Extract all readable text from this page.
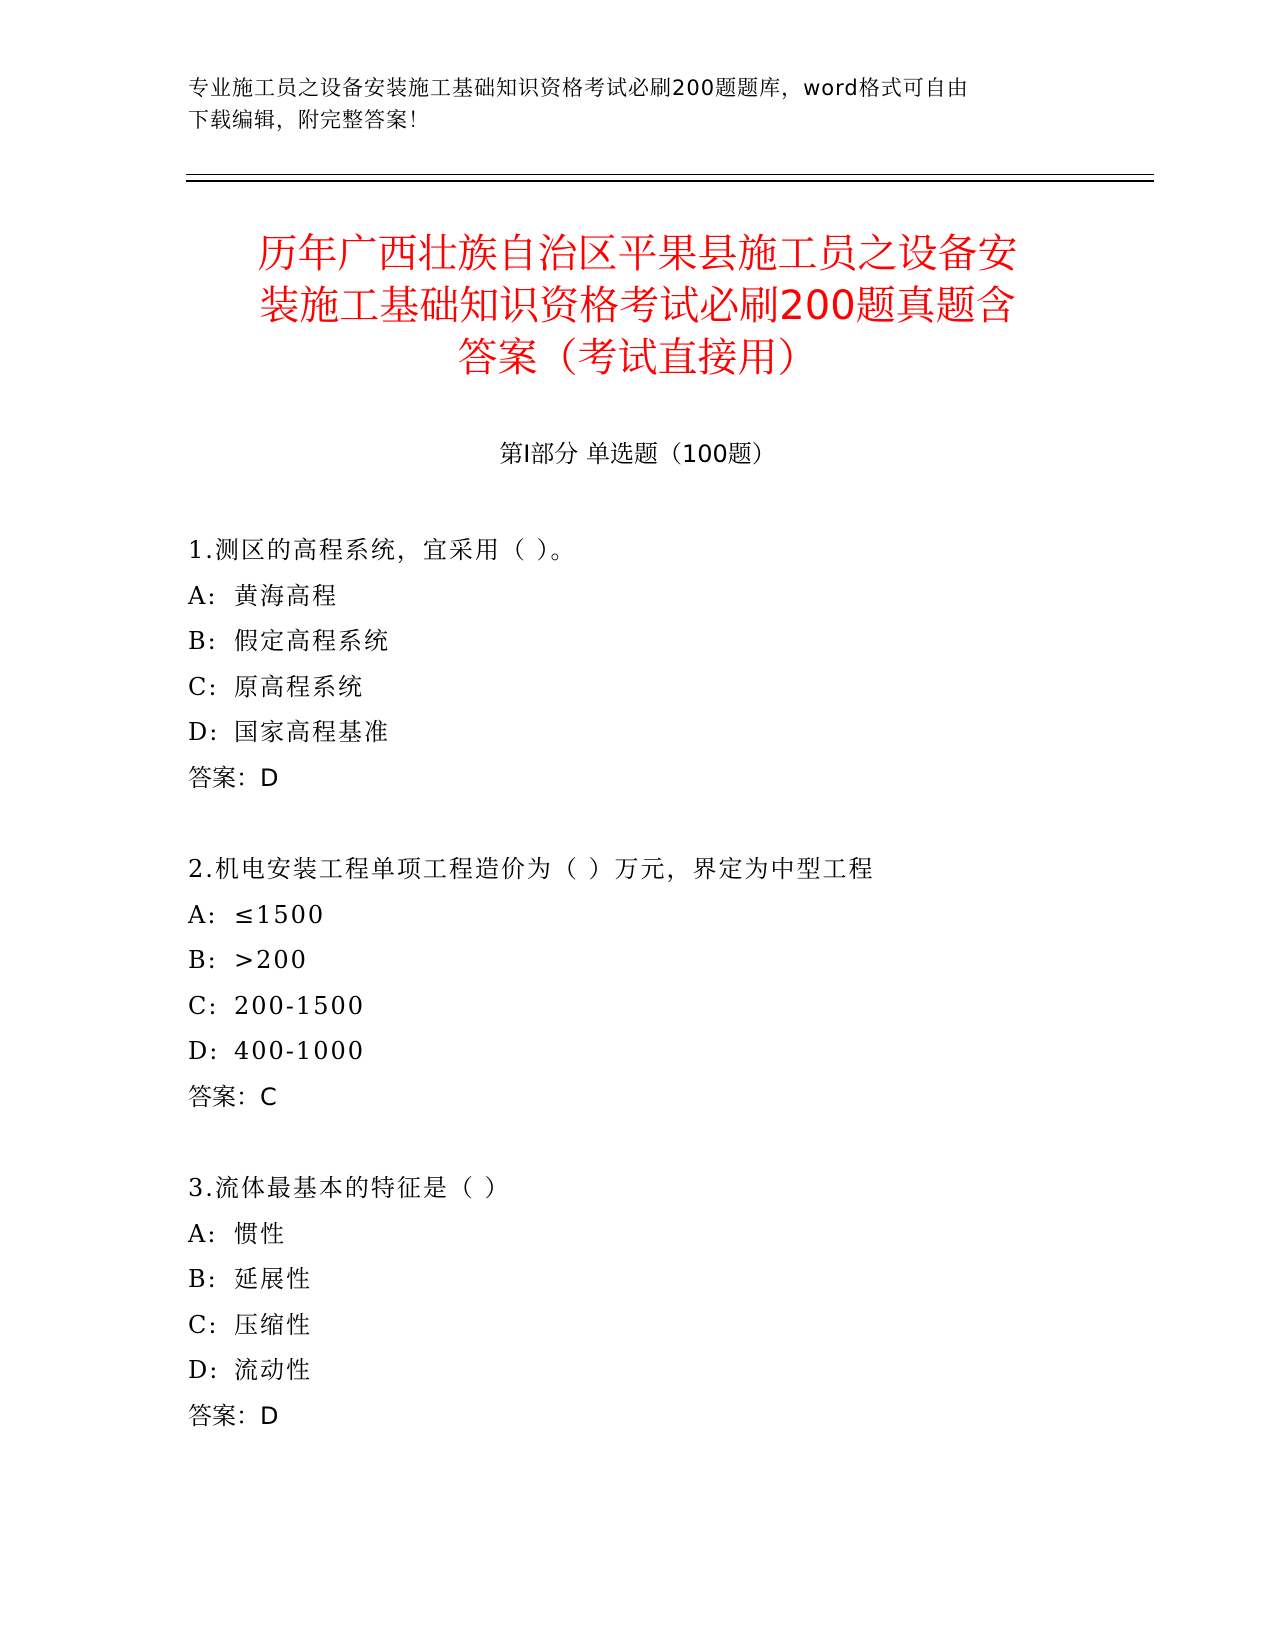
专业施工员之设备安装施工基础知识资格考试必刷200题题库，word格式可自由
下载编辑，附完整答案！
历年广西壮族自治区平果县施工员之设备安
装施工基础知识资格考试必刷200题真题含
答案（考试直接用）
第Ⅰ部分 单选题（100题）
1.测区的高程系统，宜采用（ ）。
A: 黄海高程
B: 假定高程系统
C: 原高程系统
D: 国家高程基准
答案：D
2.机电安装工程单项工程造价为（ ）万元，界定为中型工程
A: ≤1500
B: >200
C: 200-1500
D: 400-1000
答案：C
3.流体最基本的特征是（ ）
A: 惯性
B: 延展性
C: 压缩性
D: 流动性
答案：D
